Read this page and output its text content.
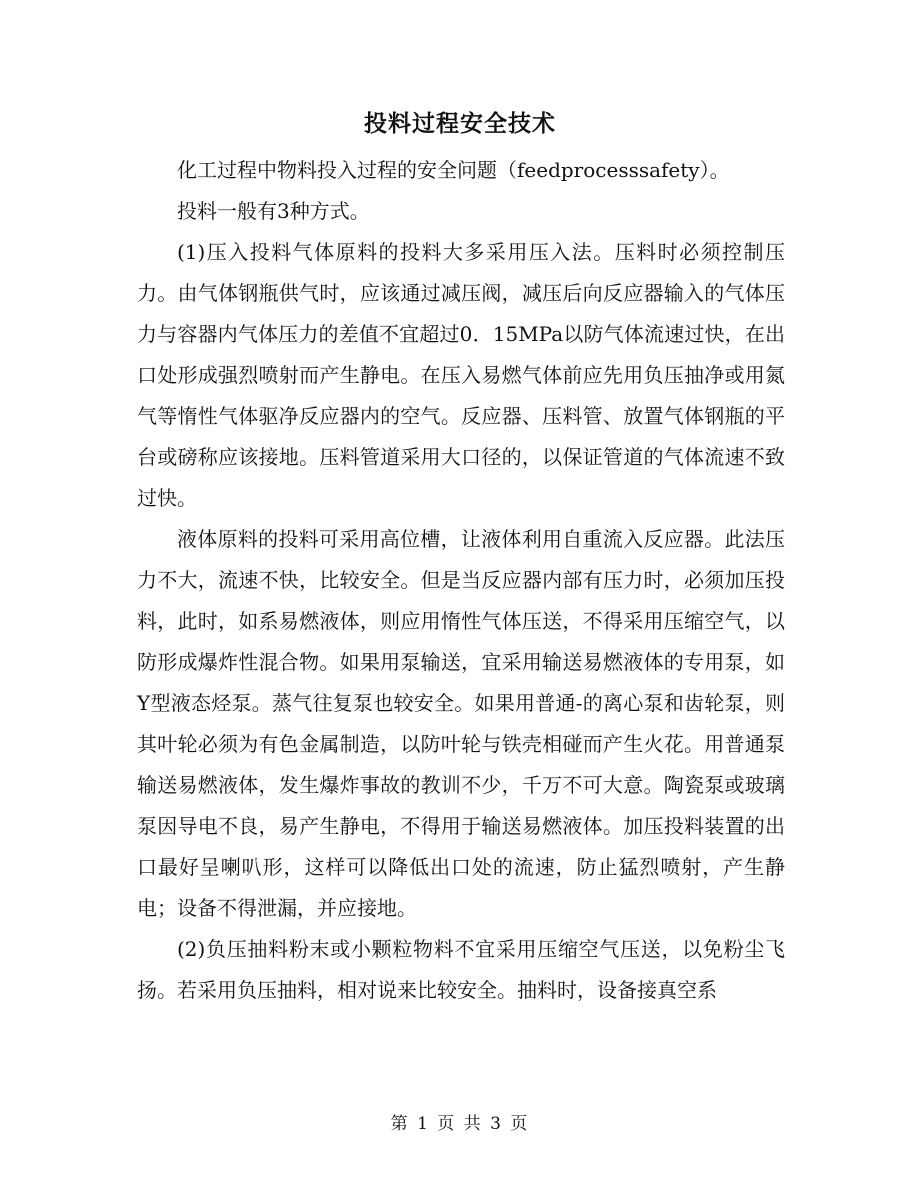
投料过程安全技术

化工过程中物料投入过程的安全问题（feedprocesssafety）。

投料一般有3种方式。

(1)压入投料气体原料的投料大多采用压入法。压料时必须控制压力。由气体钢瓶供气时，应该通过减压阀，减压后向反应器输入的气体压力与容器内气体压力的差值不宜超过0．15MPa以防气体流速过快，在出口处形成强烈喷射而产生静电。在压入易燃气体前应先用负压抽净或用氮气等惰性气体驱净反应器内的空气。反应器、压料管、放置气体钢瓶的平台或磅称应该接地。压料管道采用大口径的，以保证管道的气体流速不致过快。

液体原料的投料可采用高位槽，让液体利用自重流入反应器。此法压力不大，流速不快，比较安全。但是当反应器内部有压力时，必须加压投料，此时，如系易燃液体，则应用惰性气体压送，不得采用压缩空气，以防形成爆炸性混合物。如果用泵输送，宜采用输送易燃液体的专用泵，如Y型液态烃泵。蒸气往复泵也较安全。如果用普通-的离心泵和齿轮泵，则其叶轮必须为有色金属制造，以防叶轮与铁壳相碰而产生火花。用普通泵输送易燃液体，发生爆炸事故的教训不少，千万不可大意。陶瓷泵或玻璃泵因导电不良，易产生静电，不得用于输送易燃液体。加压投料装置的出口最好呈喇叭形，这样可以降低出口处的流速，防止猛烈喷射，产生静电；设备不得泄漏，并应接地。

(2)负压抽料粉末或小颗粒物料不宜采用压缩空气压送，以免粉尘飞扬。若采用负压抽料，相对说来比较安全。抽料时，设备接真空系

第 1 页 共 3 页
